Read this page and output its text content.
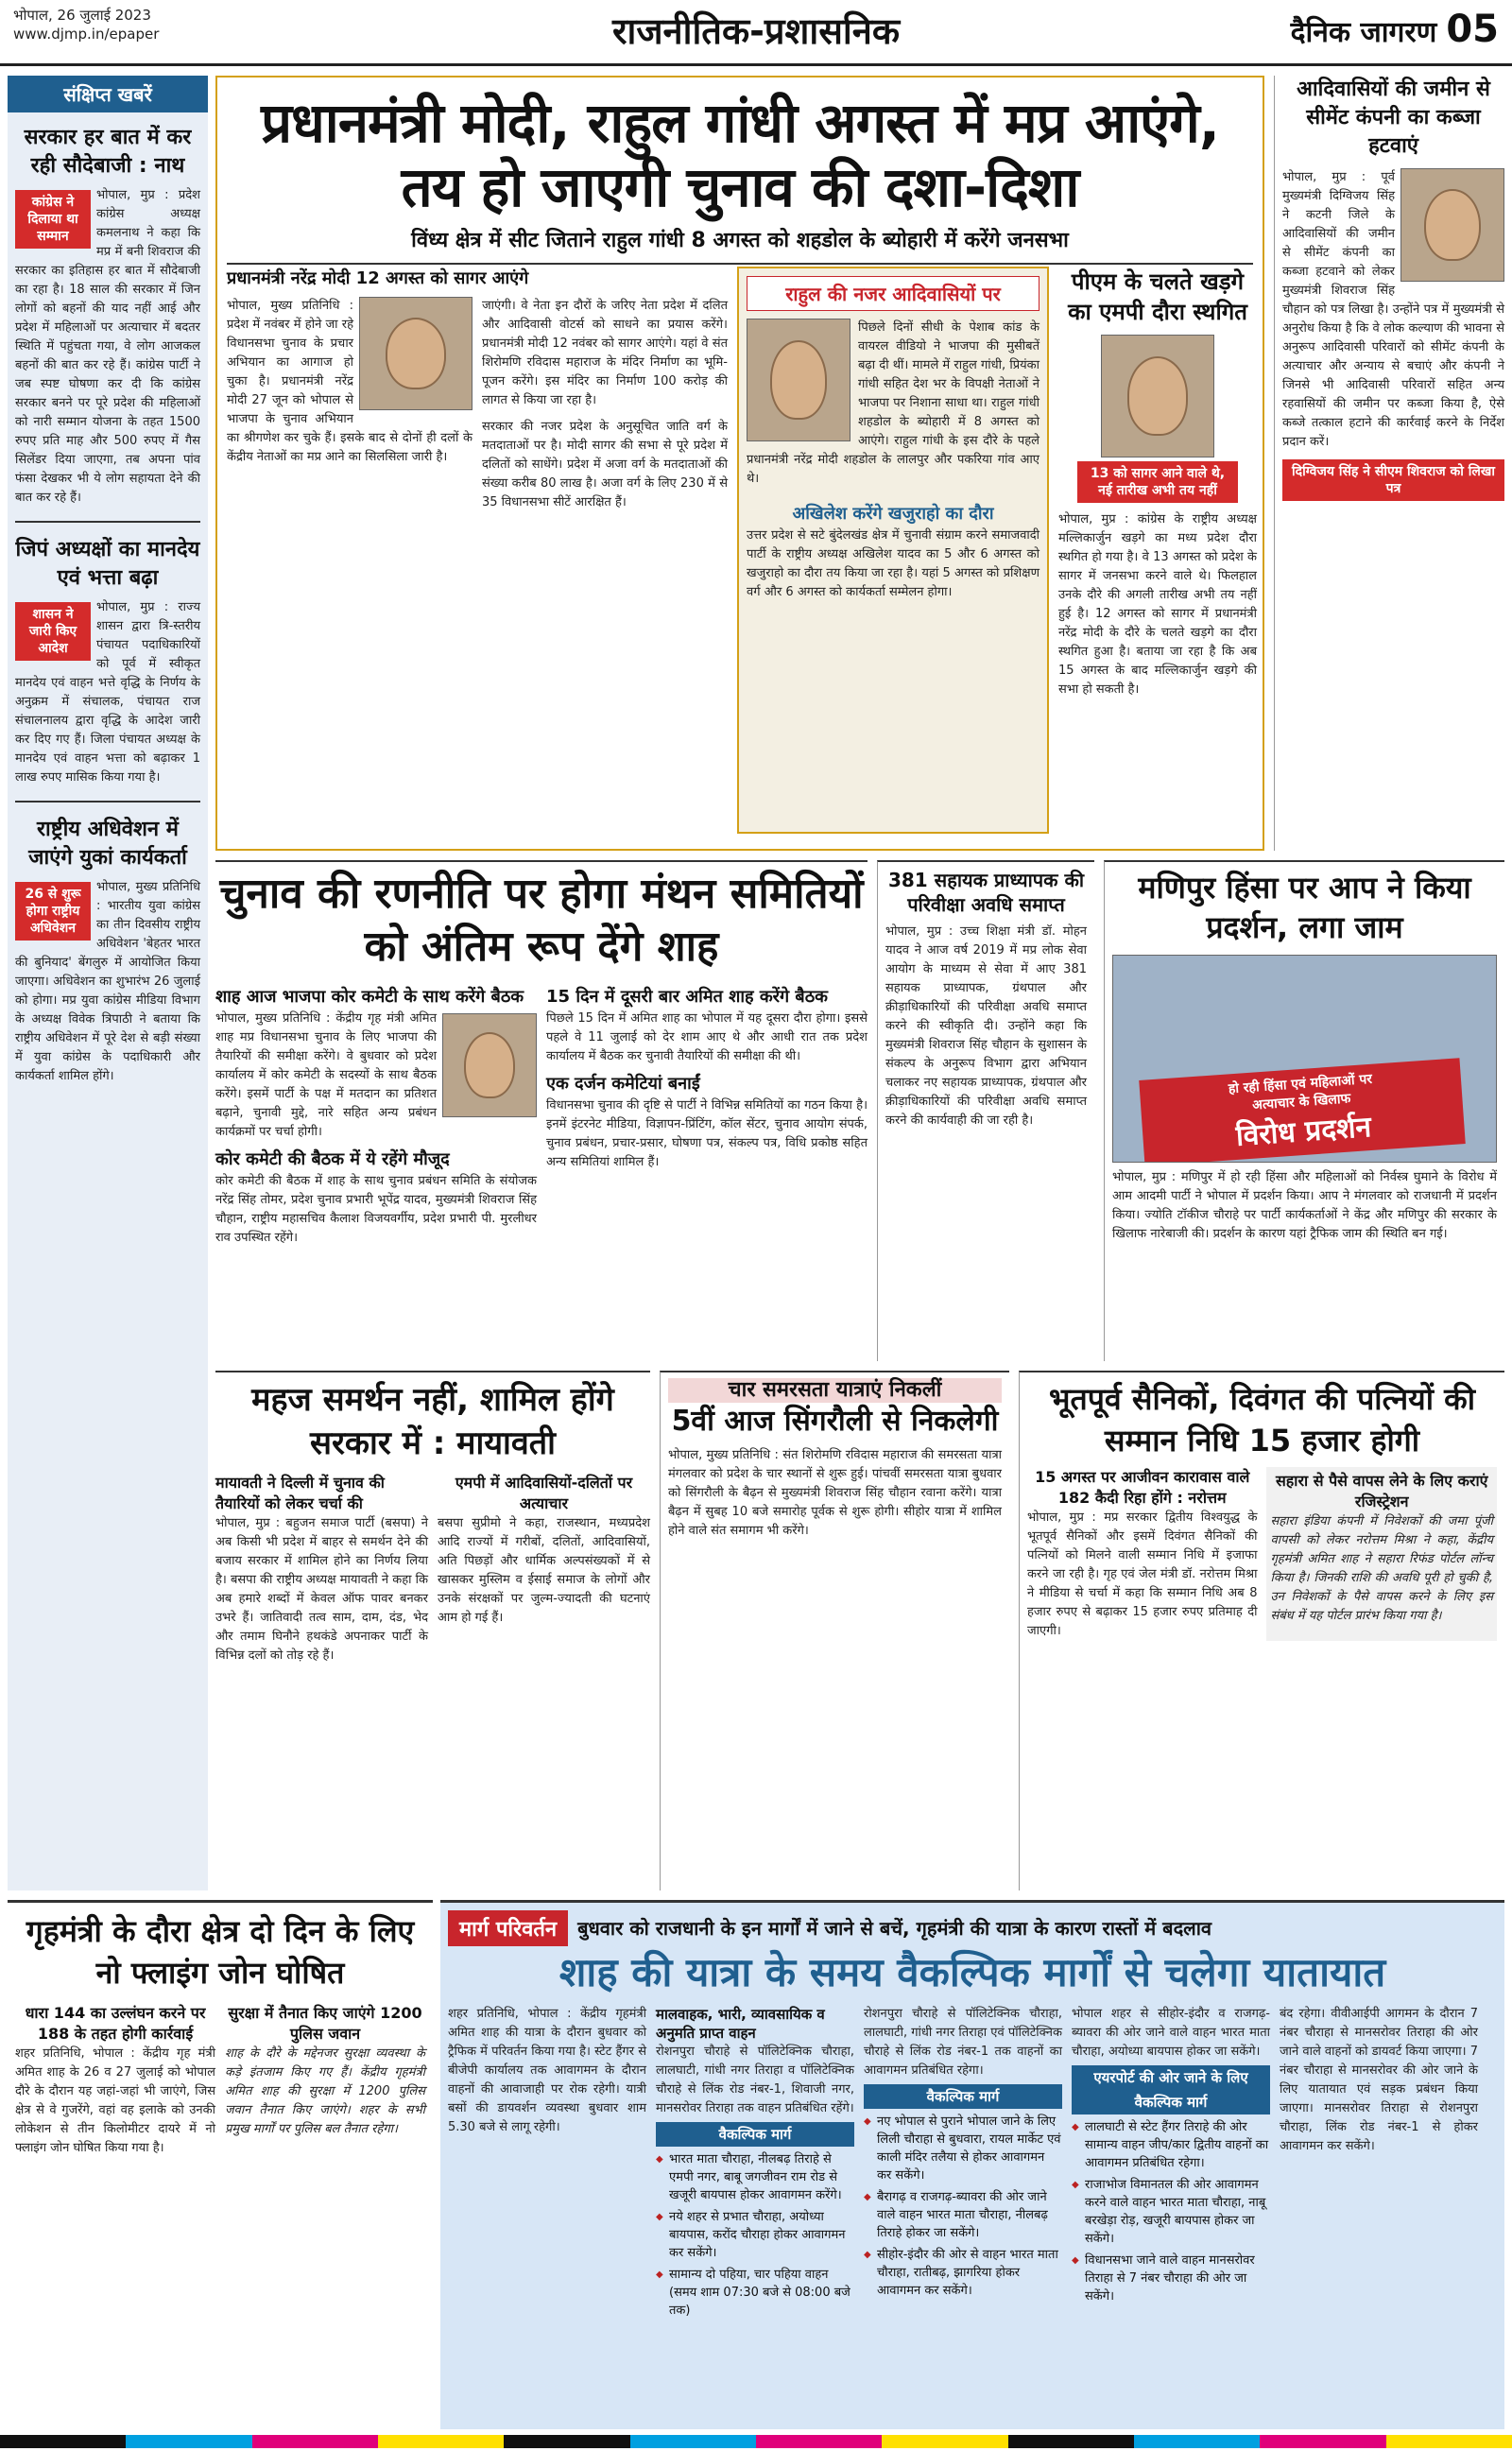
भोपाल, 26 जुलाई 2023
www.djmp.in/epaper	राजनीतिक-प्रशासनिक	दैनिक जागरण 05
संक्षिप्त खबरें
सरकार हर बात में कर रही सौदेबाजी : नाथ
कांग्रेस ने दिलाया था सम्मान
भोपाल, मुप्र : प्रदेश कांग्रेस अध्यक्ष कमलनाथ ने कहा कि मप्र में बनी शिवराज की सरकार का इतिहास हर बात में सौदेबाजी का रहा है। 18 साल की सरकार में जिन लोगों को बहनों की याद नहीं आई और प्रदेश में महिलाओं पर अत्याचार में बदतर स्थिति में पहुंचता गया, वे लोग आजकल बहनों की बात कर रहे हैं। कांग्रेस पार्टी ने जब स्पष्ट घोषणा कर दी कि कांग्रेस सरकार बनने पर पूरे प्रदेश की महिलाओं को नारी सम्मान योजना के तहत 1500 रुपए प्रति माह और 500 रुपए में गैस सिलेंडर दिया जाएगा, तब अपना पांव फंसा देखकर भी ये लोग सहायता देने की बात कर रहे हैं।
जिपं अध्यक्षों का मानदेय एवं भत्ता बढ़ा
शासन ने जारी किए आदेश
भोपाल, मुप्र : राज्य शासन द्वारा त्रि-स्तरीय पंचायत पदाधिकारियों को पूर्व में स्वीकृत मानदेय एवं वाहन भत्ते वृद्धि के निर्णय के अनुक्रम में संचालक, पंचायत राज संचालनालय द्वारा वृद्धि के आदेश जारी कर दिए गए हैं। जिला पंचायत अध्यक्ष के मानदेय एवं वाहन भत्ता को बढ़ाकर 1 लाख रुपए मासिक किया गया है।
राष्ट्रीय अधिवेशन में जाएंगे युकां कार्यकर्ता
26 से शुरू होगा राष्ट्रीय अधिवेशन
भोपाल, मुख्य प्रतिनिधि : भारतीय युवा कांग्रेस का तीन दिवसीय राष्ट्रीय अधिवेशन 'बेहतर भारत की बुनियाद' बेंगलुरु में आयोजित किया जाएगा। अधिवेशन का शुभारंभ 26 जुलाई को होगा। मप्र युवा कांग्रेस मीडिया विभाग के अध्यक्ष विवेक त्रिपाठी ने बताया कि राष्ट्रीय अधिवेशन में पूरे देश से बड़ी संख्या में युवा कांग्रेस के पदाधिकारी और कार्यकर्ता शामिल होंगे।
प्रधानमंत्री मोदी, राहुल गांधी अगस्त में मप्र आएंगे, तय हो जाएगी चुनाव की दशा-दिशा
विंध्य क्षेत्र में सीट जिताने राहुल गांधी 8 अगस्त को शहडोल के ब्योहारी में करेंगे जनसभा
प्रधानमंत्री नरेंद्र मोदी 12 अगस्त को सागर आएंगे
भोपाल, मुख्य प्रतिनिधि : प्रदेश में नवंबर में होने जा रहे विधानसभा चुनाव के प्रचार अभियान का आगाज हो चुका है। प्रधानमंत्री नरेंद्र मोदी 27 जून को भोपाल से भाजपा के चुनाव अभियान का श्रीगणेश कर चुके हैं। इसके बाद से दोनों ही दलों के केंद्रीय नेताओं का मप्र आने का सिलसिला जारी है।
जाएंगी। वे नेता इन दौरों के जरिए नेता प्रदेश में दलित और आदिवासी वोटर्स को साधने का प्रयास करेंगे। प्रधानमंत्री मोदी 12 नवंबर को सागर आएंगे। यहां वे संत शिरोमणि रविदास महाराज के मंदिर निर्माण का भूमि-पूजन करेंगे। इस मंदिर का निर्माण 100 करोड़ की लागत से किया जा रहा है।
सरकार की नजर प्रदेश के अनुसूचित जाति वर्ग के मतदाताओं पर है। मोदी सागर की सभा से पूरे प्रदेश में दलितों को साधेंगे। प्रदेश में अजा वर्ग के मतदाताओं की संख्या करीब 80 लाख है। अजा वर्ग के लिए 230 में से 35 विधानसभा सीटें आरक्षित हैं।
राहुल की नजर आदिवासियों पर
पिछले दिनों सीधी के पेशाब कांड के वायरल वीडियो ने भाजपा की मुसीबतें बढ़ा दी थीं। मामले में राहुल गांधी, प्रियंका गांधी सहित देश भर के विपक्षी नेताओं ने भाजपा पर निशाना साधा था। राहुल गांधी शहडोल के ब्योहारी में 8 अगस्त को आएंगे। राहुल गांधी के इस दौरे के पहले प्रधानमंत्री नरेंद्र मोदी शहडोल के लालपुर और पकरिया गांव आए थे।
अखिलेश करेंगे खजुराहो का दौरा
उत्तर प्रदेश से सटे बुंदेलखंड क्षेत्र में चुनावी संग्राम करने समाजवादी पार्टी के राष्ट्रीय अध्यक्ष अखिलेश यादव का 5 और 6 अगस्त को खजुराहो का दौरा तय किया जा रहा है। यहां 5 अगस्त को प्रशिक्षण वर्ग और 6 अगस्त को कार्यकर्ता सम्मेलन होगा।
पीएम के चलते खड़गे का एमपी दौरा स्थगित
13 को सागर आने वाले थे, नई तारीख अभी तय नहीं
भोपाल, मुप्र : कांग्रेस के राष्ट्रीय अध्यक्ष मल्लिकार्जुन खड़गे का मध्य प्रदेश दौरा स्थगित हो गया है। वे 13 अगस्त को प्रदेश के सागर में जनसभा करने वाले थे। फिलहाल उनके दौरे की अगली तारीख अभी तय नहीं हुई है। 12 अगस्त को सागर में प्रधानमंत्री नरेंद्र मोदी के दौरे के चलते खड़गे का दौरा स्थगित हुआ है। बताया जा रहा है कि अब 15 अगस्त के बाद मल्लिकार्जुन खड़गे की सभा हो सकती है।
आदिवासियों की जमीन से सीमेंट कंपनी का कब्जा हटवाएं
भोपाल, मुप्र : पूर्व मुख्यमंत्री दिग्विजय सिंह ने कटनी जिले के आदिवासियों की जमीन से सीमेंट कंपनी का कब्जा हटवाने को लेकर मुख्यमंत्री शिवराज सिंह चौहान को पत्र लिखा है। उन्होंने पत्र में मुख्यमंत्री से अनुरोध किया है कि वे लोक कल्याण की भावना से अनुरूप आदिवासी परिवारों को सीमेंट कंपनी के अत्याचार और अन्याय से बचाएं और कंपनी ने जिनसे भी आदिवासी परिवारों सहित अन्य रहवासियों की जमीन पर कब्जा किया है, ऐसे कब्जे तत्काल हटाने की कार्रवाई करने के निर्देश प्रदान करें।
दिग्विजय सिंह ने सीएम शिवराज को लिखा पत्र
चुनाव की रणनीति पर होगा मंथन समितियों को अंतिम रूप देंगे शाह
शाह आज भाजपा कोर कमेटी के साथ करेंगे बैठक
भोपाल, मुख्य प्रतिनिधि : केंद्रीय गृह मंत्री अमित शाह मप्र विधानसभा चुनाव के लिए भाजपा की तैयारियों की समीक्षा करेंगे। वे बुधवार को प्रदेश कार्यालय में कोर कमेटी के सदस्यों के साथ बैठक करेंगे। इसमें पार्टी के पक्ष में मतदान का प्रतिशत बढ़ाने, चुनावी मुद्दे, नारे सहित अन्य प्रबंधन कार्यक्रमों पर चर्चा होगी।
कोर कमेटी की बैठक में ये रहेंगे मौजूद
कोर कमेटी की बैठक में शाह के साथ चुनाव प्रबंधन समिति के संयोजक नरेंद्र सिंह तोमर, प्रदेश चुनाव प्रभारी भूपेंद्र यादव, मुख्यमंत्री शिवराज सिंह चौहान, राष्ट्रीय महासचिव कैलाश विजयवर्गीय, प्रदेश प्रभारी पी. मुरलीधर राव उपस्थित रहेंगे।
15 दिन में दूसरी बार अमित शाह करेंगे बैठक
पिछले 15 दिन में अमित शाह का भोपाल में यह दूसरा दौरा होगा। इससे पहले वे 11 जुलाई को देर शाम आए थे और आधी रात तक प्रदेश कार्यालय में बैठक कर चुनावी तैयारियों की समीक्षा की थी।
एक दर्जन कमेटियां बनाईं
विधानसभा चुनाव की दृष्टि से पार्टी ने विभिन्न समितियों का गठन किया है। इनमें इंटरनेट मीडिया, विज्ञापन-प्रिंटिंग, कॉल सेंटर, चुनाव आयोग संपर्क, चुनाव प्रबंधन, प्रचार-प्रसार, घोषणा पत्र, संकल्प पत्र, विधि प्रकोष्ठ सहित अन्य समितियां शामिल हैं।
381 सहायक प्राध्यापक की परिवीक्षा अवधि समाप्त
भोपाल, मुप्र : उच्च शिक्षा मंत्री डॉ. मोहन यादव ने आज वर्ष 2019 में मप्र लोक सेवा आयोग के माध्यम से सेवा में आए 381 सहायक प्राध्यापक, ग्रंथपाल और क्रीड़ाधिकारियों की परिवीक्षा अवधि समाप्त करने की स्वीकृति दी। उन्होंने कहा कि मुख्यमंत्री शिवराज सिंह चौहान के सुशासन के संकल्प के अनुरूप विभाग द्वारा अभियान चलाकर नए सहायक प्राध्यापक, ग्रंथपाल और क्रीड़ाधिकारियों की परिवीक्षा अवधि समाप्त करने की कार्यवाही की जा रही है।
मणिपुर हिंसा पर आप ने किया प्रदर्शन, लगा जाम
हो रही हिंसा एवं महिलाओं पर
अत्याचार के खिलाफ
विरोध प्रदर्शन
भोपाल, मुप्र : मणिपुर में हो रही हिंसा और महिलाओं को निर्वस्त्र घुमाने के विरोध में आम आदमी पार्टी ने भोपाल में प्रदर्शन किया। आप ने मंगलवार को राजधानी में प्रदर्शन किया। ज्योति टॉकीज चौराहे पर पार्टी कार्यकर्ताओं ने केंद्र और मणिपुर की सरकार के खिलाफ नारेबाजी की। प्रदर्शन के कारण यहां ट्रैफिक जाम की स्थिति बन गई।
महज समर्थन नहीं, शामिल होंगे सरकार में : मायावती
मायावती ने दिल्ली में चुनाव की तैयारियों को लेकर चर्चा की
भोपाल, मुप्र : बहुजन समाज पार्टी (बसपा) ने अब किसी भी प्रदेश में बाहर से समर्थन देने की बजाय सरकार में शामिल होने का निर्णय लिया है। बसपा की राष्ट्रीय अध्यक्ष मायावती ने कहा कि अब हमारे शब्दों में केवल ऑफ पावर बनकर उभरे हैं। जातिवादी तत्व साम, दाम, दंड, भेद और तमाम घिनौने हथकंडे अपनाकर पार्टी के विभिन्न दलों को तोड़ रहे हैं।
एमपी में आदिवासियों-दलितों पर अत्याचार
बसपा सुप्रीमो ने कहा, राजस्थान, मध्यप्रदेश आदि राज्यों में गरीबों, दलितों, आदिवासियों, अति पिछड़ों और धार्मिक अल्पसंख्यकों में से खासकर मुस्लिम व ईसाई समाज के लोगों और उनके संरक्षकों पर जुल्म-ज्यादती की घटनाएं आम हो गई हैं।
चार समरसता यात्राएं निकलीं
5वीं आज सिंगरौली से निकलेगी
भोपाल, मुख्य प्रतिनिधि : संत शिरोमणि रविदास महाराज की समरसता यात्रा मंगलवार को प्रदेश के चार स्थानों से शुरू हुई। पांचवीं समरसता यात्रा बुधवार को सिंगरौली के बैढ़न से मुख्यमंत्री शिवराज सिंह चौहान रवाना करेंगे। यात्रा बैढ़न में सुबह 10 बजे समारोह पूर्वक से शुरू होगी। सीहोर यात्रा में शामिल होने वाले संत समागम भी करेंगे।
भूतपूर्व सैनिकों, दिवंगत की पत्नियों की सम्मान निधि 15 हजार होगी
15 अगस्त पर आजीवन कारावास वाले 182 कैदी रिहा होंगे : नरोत्तम
भोपाल, मुप्र : मप्र सरकार द्वितीय विश्वयुद्ध के भूतपूर्व सैनिकों और इसमें दिवंगत सैनिकों की पत्नियों को मिलने वाली सम्मान निधि में इजाफा करने जा रही है। गृह एवं जेल मंत्री डॉ. नरोत्तम मिश्रा ने मीडिया से चर्चा में कहा कि सम्मान निधि अब 8 हजार रुपए से बढ़ाकर 15 हजार रुपए प्रतिमाह दी जाएगी।
सहारा से पैसे वापस लेने के लिए कराएं रजिस्ट्रेशन
सहारा इंडिया कंपनी में निवेशकों की जमा पूंजी वापसी को लेकर नरोत्तम मिश्रा ने कहा, केंद्रीय गृहमंत्री अमित शाह ने सहारा रिफंड पोर्टल लॉन्च किया है। जिनकी राशि की अवधि पूरी हो चुकी है, उन निवेशकों के पैसे वापस करने के लिए इस संबंध में यह पोर्टल प्रारंभ किया गया है।
गृहमंत्री के दौरा क्षेत्र दो दिन के लिए नो फ्लाइंग जोन घोषित
धारा 144 का उल्लंघन करने पर 188 के तहत होगी कार्रवाई
शहर प्रतिनिधि, भोपाल : केंद्रीय गृह मंत्री अमित शाह के 26 व 27 जुलाई को भोपाल दौरे के दौरान यह जहां-जहां भी जाएंगे, जिस क्षेत्र से वे गुजरेंगे, वहां वह इलाके को उनकी लोकेशन से तीन किलोमीटर दायरे में नो फ्लाइंग जोन घोषित किया गया है।
सुरक्षा में तैनात किए जाएंगे 1200 पुलिस जवान
शाह के दौरे के मद्देनजर सुरक्षा व्यवस्था के कड़े इंतजाम किए गए हैं। केंद्रीय गृहमंत्री अमित शाह की सुरक्षा में 1200 पुलिस जवान तैनात किए जाएंगे। शहर के सभी प्रमुख मार्गों पर पुलिस बल तैनात रहेगा।
मार्ग परिवर्तन	बुधवार को राजधानी के इन मार्गों में जाने से बचें, गृहमंत्री की यात्रा के कारण रास्तों में बदलाव
शाह की यात्रा के समय वैकल्पिक मार्गों से चलेगा यातायात
शहर प्रतिनिधि, भोपाल : केंद्रीय गृहमंत्री अमित शाह की यात्रा के दौरान बुधवार को ट्रैफिक में परिवर्तन किया गया है। स्टेट हैंगर से बीजेपी कार्यालय तक आवागमन के दौरान वाहनों की आवाजाही पर रोक रहेगी। यात्री बसों की डायवर्शन व्यवस्था बुधवार शाम 5.30 बजे से लागू रहेगी।
मालवाहक, भारी, व्यावसायिक व अनुमति प्राप्त वाहन
रोशनपुरा चौराहे से पॉलिटेक्निक चौराहा, लालघाटी, गांधी नगर तिराहा व पॉलिटेक्निक चौराहे से लिंक रोड नंबर-1, शिवाजी नगर, मानसरोवर तिराहा तक वाहन प्रतिबंधित रहेंगे।
वैकल्पिक मार्ग
◆ भारत माता चौराहा, नीलबढ़ तिराहे से एमपी नगर, बाबू जगजीवन राम रोड से खजूरी बायपास होकर आवागमन करेंगे।
◆ नये शहर से प्रभात चौराहा, अयोध्या बायपास, करोंद चौराहा होकर आवागमन कर सकेंगे।
◆ सामान्य दो पहिया, चार पहिया वाहन (समय शाम 07:30 बजे से 08:00 बजे तक)
रोशनपुरा चौराहे से पॉलिटेक्निक चौराहा, लालघाटी, गांधी नगर तिराहा एवं पॉलिटेक्निक चौराहे से लिंक रोड नंबर-1 तक वाहनों का आवागमन प्रतिबंधित रहेगा।
वैकल्पिक मार्ग
◆ नए भोपाल से पुराने भोपाल जाने के लिए लिली चौराहा से बुधवारा, रायल मार्केट एवं काली मंदिर तलैया से होकर आवागमन कर सकेंगे।
◆ बैरागढ़ व राजगढ़-ब्यावरा की ओर जाने वाले वाहन भारत माता चौराहा, नीलबढ़ तिराहे होकर जा सकेंगे।
◆ सीहोर-इंदौर की ओर से वाहन भारत माता चौराहा, रातीबढ़, झागरिया होकर आवागमन कर सकेंगे।
भोपाल शहर से सीहोर-इंदौर व राजगढ़-ब्यावरा की ओर जाने वाले वाहन भारत माता चौराहा, अयोध्या बायपास होकर जा सकेंगे।
एयरपोर्ट की ओर जाने के लिए वैकल्पिक मार्ग
◆ लालघाटी से स्टेट हैंगर तिराहे की ओर सामान्य वाहन जीप/कार द्वितीय वाहनों का आवागमन प्रतिबंधित रहेगा।
◆ राजाभोज विमानतल की ओर आवागमन करने वाले वाहन भारत माता चौराहा, नाबू बरखेड़ा रोड़, खजूरी बायपास होकर जा सकेंगे।
◆ विधानसभा जाने वाले वाहन मानसरोवर तिराहा से 7 नंबर चौराहा की ओर जा सकेंगे।
बंद रहेगा। वीवीआईपी आगमन के दौरान 7 नंबर चौराहा से मानसरोवर तिराहा की ओर जाने वाले वाहनों को डायवर्ट किया जाएगा। 7 नंबर चौराहा से मानसरोवर की ओर जाने के लिए यातायात एवं सड़क प्रबंधन किया जाएगा। मानसरोवर तिराहा से रोशनपुरा चौराहा, लिंक रोड नंबर-1 से होकर आवागमन कर सकेंगे।
